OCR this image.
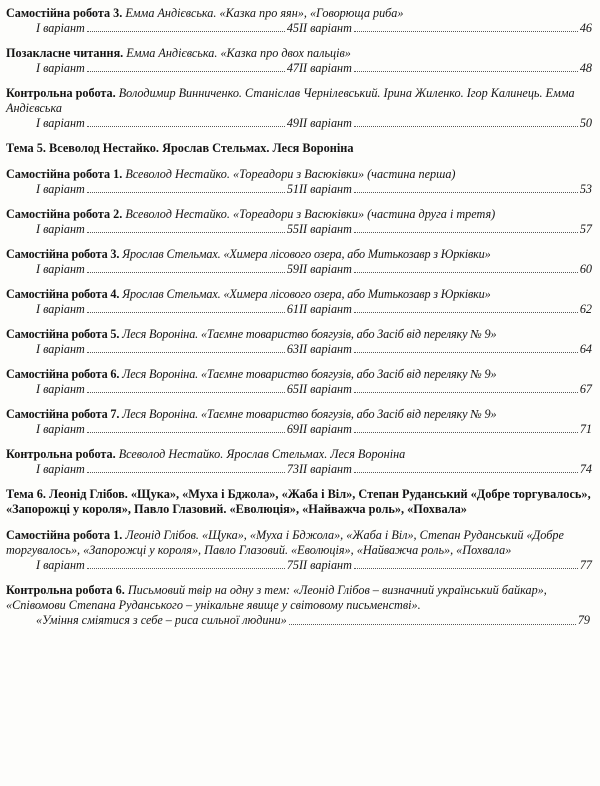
Самостійна робота 3. Емма Андієвська. «Казка про яян», «Говорюща риба»
І варіант	45 ІІ варіант	46
Позакласне читання. Емма Андієвська. «Казка про двох пальців»
І варіант	47 ІІ варіант	48
Контрольна робота. Володимир Винниченко. Станіслав Чернілевський. Ірина Жиленко. Ігор Калинець. Емма Андієвська
І варіант	49 ІІ варіант	50
Тема 5. Всеволод Нестайко. Ярослав Стельмах. Леся Вороніна
Самостійна робота 1. Всеволод Нестайко. «Тореадори з Васюківки» (частина перша)
І варіант	51 ІІ варіант	53
Самостійна робота 2. Всеволод Нестайко. «Тореадори з Васюківки» (частина друга і третя)
І варіант	55 ІІ варіант	57
Самостійна робота 3. Ярослав Стельмах. «Химера лісового озера, або Митькозавр з Юрківки»
І варіант	59 ІІ варіант	60
Самостійна робота 4. Ярослав Стельмах. «Химера лісового озера, або Митькозавр з Юрківки»
І варіант	61 ІІ варіант	62
Самостійна робота 5. Леся Вороніна. «Таємне товариство боягузів, або Засіб від переляку № 9»
І варіант	63 ІІ варіант	64
Самостійна робота 6. Леся Вороніна. «Таємне товариство боягузів, або Засіб від переляку № 9»
І варіант	65 ІІ варіант	67
Самостійна робота 7. Леся Вороніна. «Таємне товариство боягузів, або Засіб від переляку № 9»
І варіант	69 ІІ варіант	71
Контрольна робота. Всеволод Нестайко. Ярослав Стельмах. Леся Вороніна
І варіант	73 ІІ варіант	74
Тема 6. Леонід Глібов. «Щука», «Муха і Бджола», «Жаба і Віл», Степан Руданський «Добре торгувалось», «Запорожці у короля», Павло Глазовий. «Еволюція», «Найважча роль», «Похвала»
Самостійна робота 1. Леонід Глібов. «Щука», «Муха і Бджола», «Жаба і Віл», Степан Руданський «Добре торгувалось», «Запорожці у короля», Павло Глазовий. «Еволюція», «Найважча роль», «Похвала»
І варіант	75 ІІ варіант	77
Контрольна робота 6. Письмовий твір на одну з тем: «Леонід Глібов – визначний український байкар», «Співомови Степана Руданського – унікальне явище у світовому письменстві».
«Уміння сміятися з себе – риса сильної людини»	79
